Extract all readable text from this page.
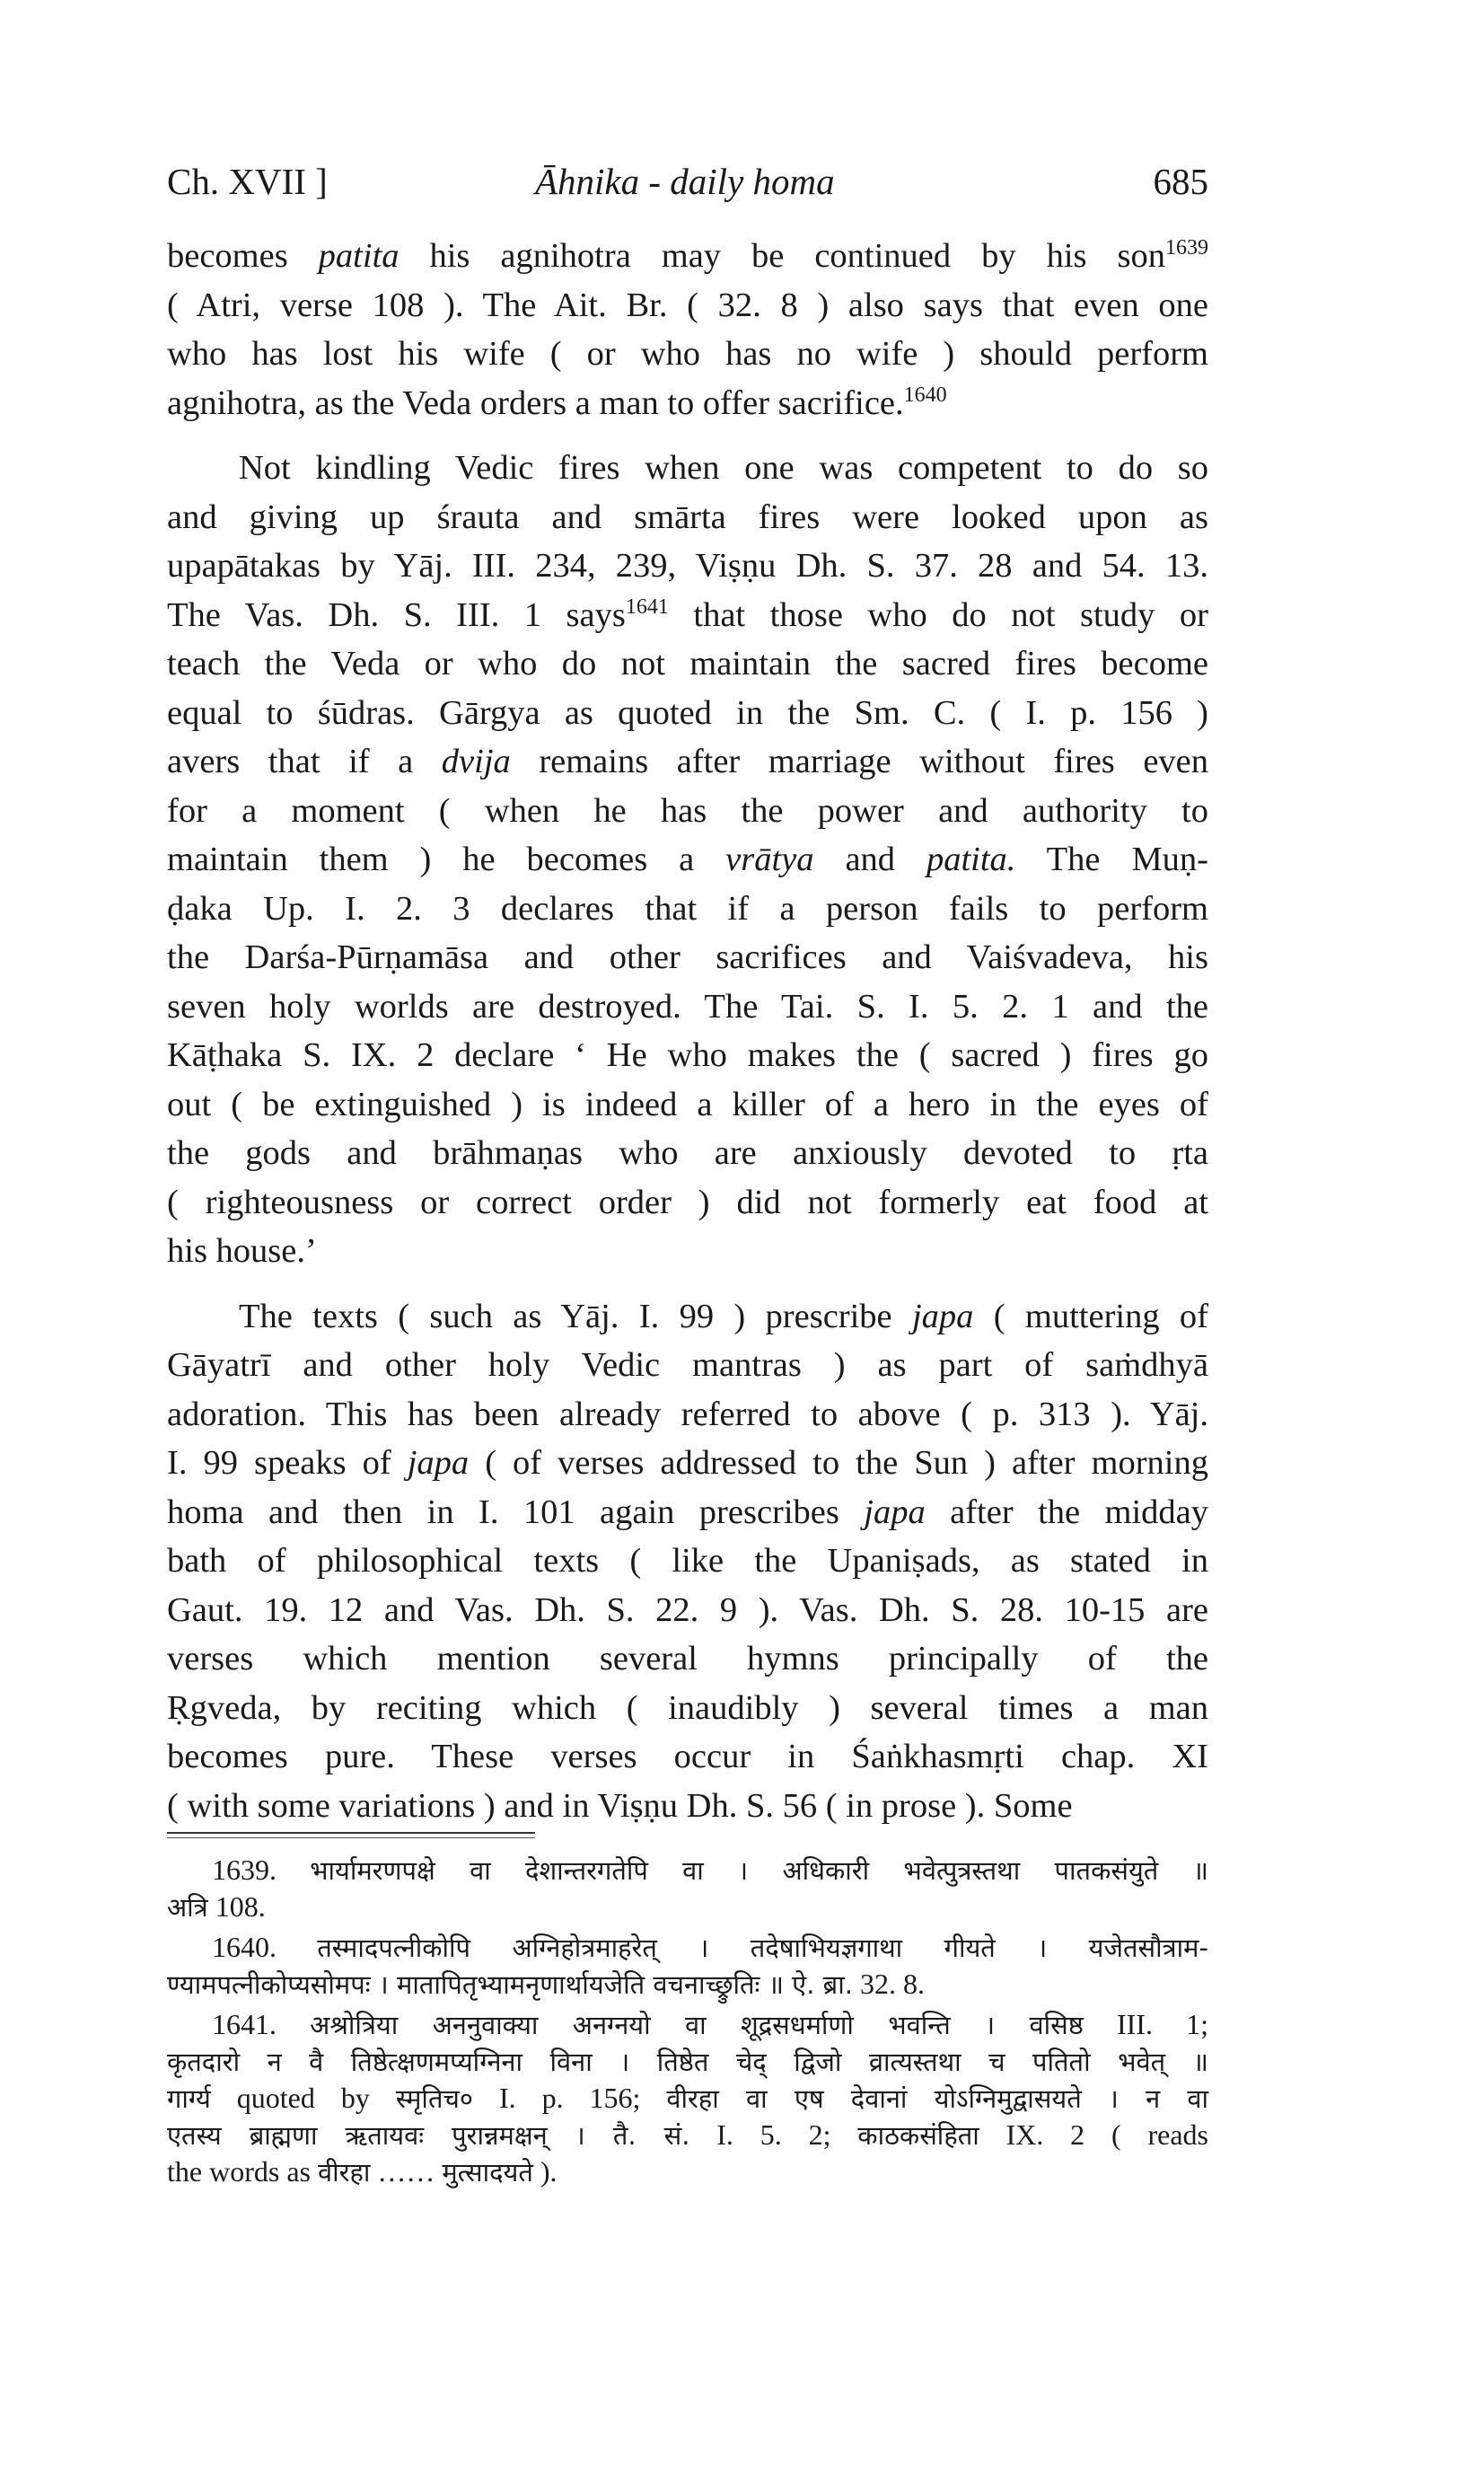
Ch. XVII ]	Āhnika - daily homa	685
becomes patita his agnihotra may be continued by his son$^{1639}$
( Atri, verse 108 ). The Ait. Br. ( 32. 8 ) also says that even one
who has lost his wife ( or who has no wife ) should perform
agnihotra, as the Veda orders a man to offer sacrifice.$^{1640}$
Not kindling Vedic fires when one was competent to do so
and giving up śrauta and smārta fires were looked upon as
upapātakas by Yāj. III. 234, 239, Viṣṇu Dh. S. 37. 28 and 54. 13.
The Vas. Dh. S. III. 1 says$^{1641}$ that those who do not study or
teach the Veda or who do not maintain the sacred fires become
equal to śūdras. Gārgya as quoted in the Sm. C. ( I. p. 156 )
avers that if a dvija remains after marriage without fires even
for a moment ( when he has the power and authority to
maintain them ) he becomes a vrātya and patita. The Muṇ-
ḍaka Up. I. 2. 3 declares that if a person fails to perform
the Darśa-Pūrṇamāsa and other sacrifices and Vaiśvadeva, his
seven holy worlds are destroyed. The Tai. S. I. 5. 2. 1 and the
Kāṭhaka S. IX. 2 declare ‘ He who makes the ( sacred ) fires go
out ( be extinguished ) is indeed a killer of a hero in the eyes of
the gods and brāhmaṇas who are anxiously devoted to ṛta
( righteousness or correct order ) did not formerly eat food at
his house.’
The texts ( such as Yāj. I. 99 ) prescribe japa ( muttering of
Gāyatrī and other holy Vedic mantras ) as part of saṁdhyā
adoration. This has been already referred to above ( p. 313 ). Yāj.
I. 99 speaks of japa ( of verses addressed to the Sun ) after morning
homa and then in I. 101 again prescribes japa after the midday
bath of philosophical texts ( like the Upaniṣads, as stated in
Gaut. 19. 12 and Vas. Dh. S. 22. 9 ). Vas. Dh. S. 28. 10-15 are
verses which mention several hymns principally of the
Ṛgveda, by reciting which ( inaudibly ) several times a man
becomes pure. These verses occur in Śaṅkhasmṛti chap. XI
( with some variations ) and in Viṣṇu Dh. S. 56 ( in prose ). Some
1639. भार्यामरणपक्षे वा देशान्तरगतेपि वा । अधिकारी भवेत्पुत्रस्तथा पातकसंयुते ॥
अत्रि 108.
1640. तस्मादपत्नीकोपि अग्निहोत्रमाहरेत् । तदेषाभियज्ञगाथा गीयते । यजेतसौत्राम-
ण्यामपत्नीकोप्यसोमपः । मातापितृभ्यामनृणार्थायजेति वचनाच्छ्रुतिः ॥ ऐ. ब्रा. 32. 8.
1641. अश्रोत्रिया अननुवाक्या अनग्नयो वा शूद्रसधर्माणो भवन्ति । वसिष्ठ III. 1;
कृतदारो न वै तिष्ठेत्क्षणमप्यग्निना विना । तिष्ठेत चेद् द्विजो व्रात्यस्तथा च पतितो भवेत् ॥
गार्ग्य quoted by स्मृतिच० I. p. 156; वीरहा वा एष देवानां योऽग्निमुद्वासयते । न वा
एतस्य ब्राह्मणा ऋतायवः पुरान्नमक्षन् । तै. सं. I. 5. 2; काठकसंहिता IX. 2 ( reads
the words as वीरहा …… मुत्सादयते ).
